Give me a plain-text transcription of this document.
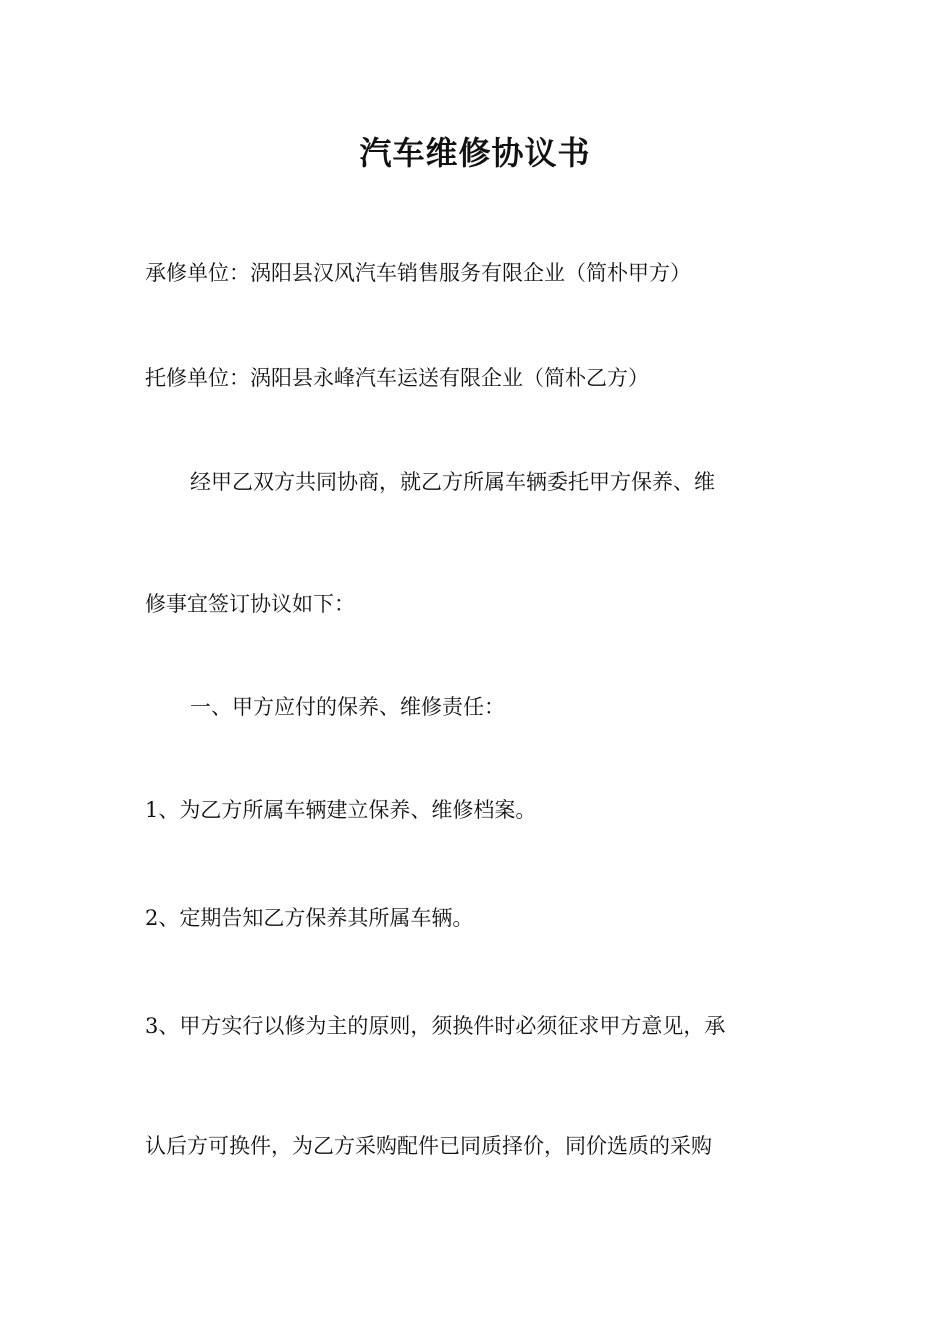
汽车维修协议书

承修单位：涡阳县汉风汽车销售服务有限企业（简朴甲方）

托修单位：涡阳县永峰汽车运送有限企业（简朴乙方）

经甲乙双方共同协商，就乙方所属车辆委托甲方保养、维

修事宜签订协议如下：

一、甲方应付的保养、维修责任：

1、为乙方所属车辆建立保养、维修档案。

2、定期告知乙方保养其所属车辆。

3、甲方实行以修为主的原则，须换件时必须征求甲方意见，承

认后方可换件，为乙方采购配件已同质择价，同价选质的采购
